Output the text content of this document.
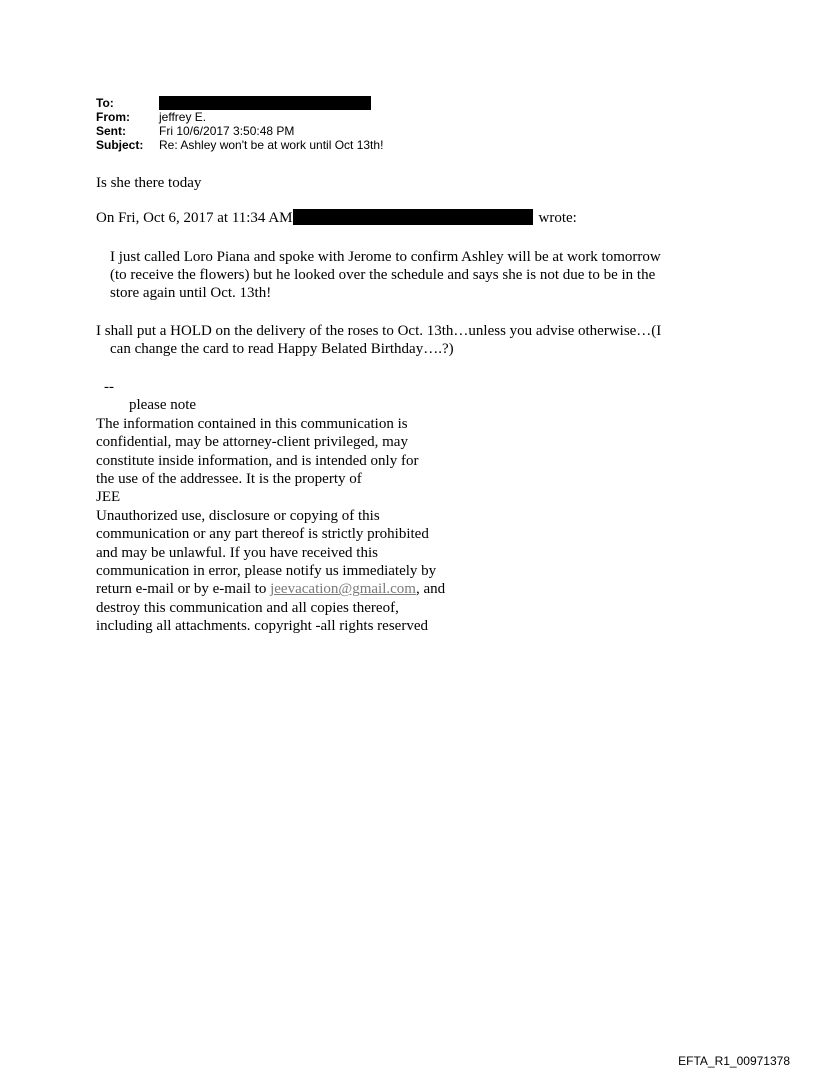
To:
From: jeffrey E.
Sent:	Fri 10/6/2017 3:50:48 PM
Subject: Re: Ashley won't be at work until Oct 13th!
Is she there today
On Fri, Oct 6, 2017 at 11:34 AM	wrote:
I just called Loro Piana and spoke with Jerome to confirm Ashley will be at work tomorrow
(to receive the flowers) but he looked over the schedule and says she is not due to be in the
store again until Oct. 13th!
I shall put a HOLD on the delivery of the roses to Oct. 13th…unless you advise otherwise…(I
can change the card to read Happy Belated Birthday….?)
--
please note
The information contained in this communication is
confidential, may be attorney-client privileged, may
constitute inside information, and is intended only for
the use of the addressee. It is the property of
JEE
Unauthorized use, disclosure or copying of this
communication or any part thereof is strictly prohibited
and may be unlawful. If you have received this
communication in error, please notify us immediately by
return e-mail or by e-mail to jeevacation@gmail.com, and
destroy this communication and all copies thereof,
including all attachments. copyright -all rights reserved
EFTA_R1_00971378
